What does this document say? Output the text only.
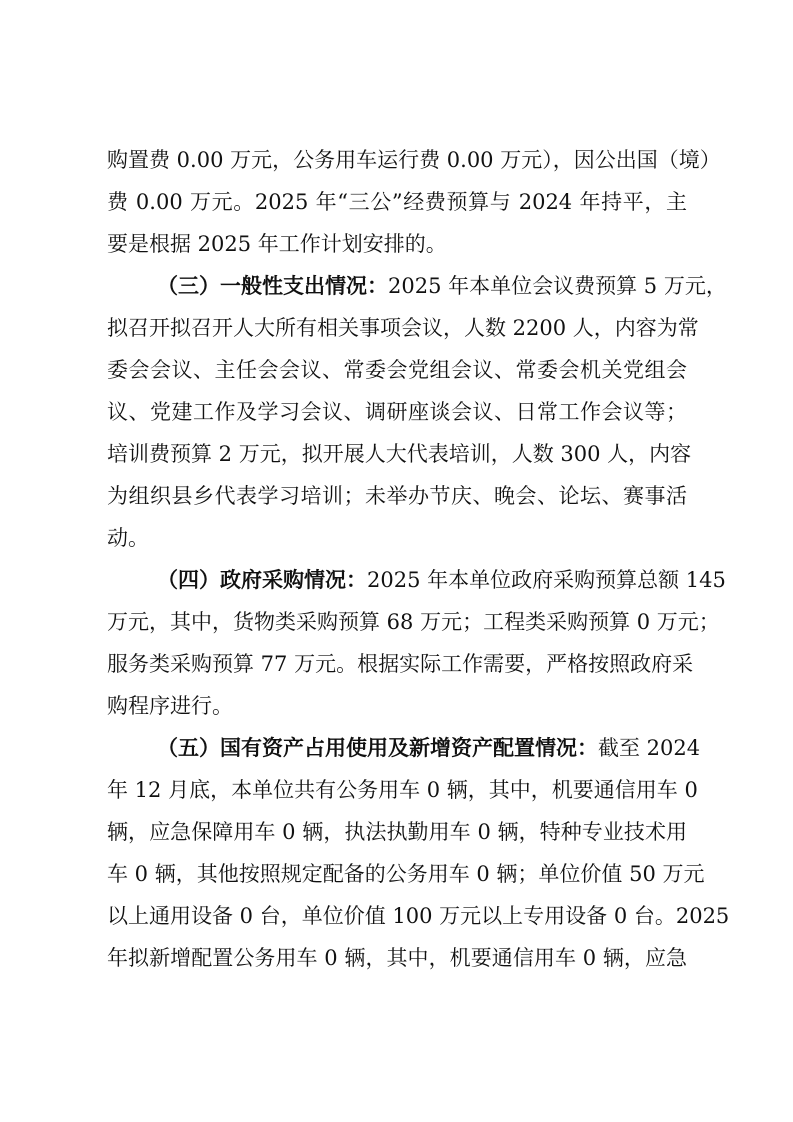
购置费 0.00 万元，公务用车运行费 0.00 万元），因公出国（境）
费 0.00 万元。2025 年“三公”经费预算与 2024 年持平，主
要是根据 2025 年工作计划安排的。
（三）一般性支出情况：2025 年本单位会议费预算 5 万元，
拟召开拟召开人大所有相关事项会议，人数 2200 人，内容为常
委会会议、主任会会议、常委会党组会议、常委会机关党组会
议、党建工作及学习会议、调研座谈会议、日常工作会议等；
培训费预算 2 万元，拟开展人大代表培训，人数 300 人，内容
为组织县乡代表学习培训；未举办节庆、晚会、论坛、赛事活
动。
（四）政府采购情况：2025 年本单位政府采购预算总额 145
万元，其中，货物类采购预算 68 万元；工程类采购预算 0 万元；
服务类采购预算 77 万元。根据实际工作需要，严格按照政府采
购程序进行。
（五）国有资产占用使用及新增资产配置情况：截至 2024
年 12 月底，本单位共有公务用车 0 辆，其中，机要通信用车 0
辆，应急保障用车 0 辆，执法执勤用车 0 辆，特种专业技术用
车 0 辆，其他按照规定配备的公务用车 0 辆；单位价值 50 万元
以上通用设备 0 台，单位价值 100 万元以上专用设备 0 台。2025
年拟新增配置公务用车 0 辆，其中，机要通信用车 0 辆，应急
